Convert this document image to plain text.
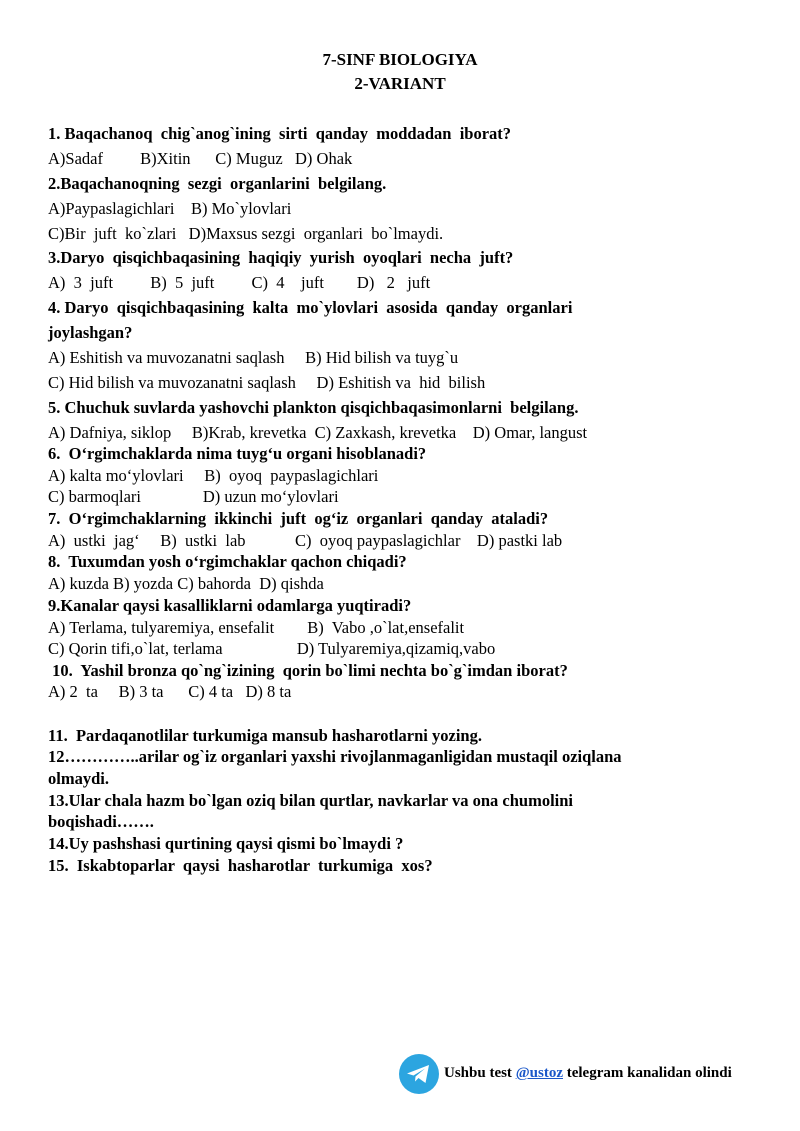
7-SINF BIOLOGIYA
2-VARIANT
1. Baqachanoq  chig`anog`ining  sirti  qanday  moddadan  iborat?
A)Sadaf         B)Xitin      C) Muguz   D) Ohak
2.Baqachanoqning  sezgi  organlarini  belgilang.
A)Paypaslagichlari    B) Mo`ylovlari
C)Bir  juft  ko`zlari   D)Maxsus sezgi  organlari  bo`lmaydi.
3.Daryo  qisqichbaqasining  haqiqiy  yurish  oyoqlari  necha  juft?
A)  3  juft         B)  5  juft         C)  4    juft        D)   2   juft
4. Daryo  qisqichbaqasining  kalta  mo`ylovlari  asosida  qanday  organlari
joylashgan?
A) Eshitish va muvozanatni saqlash     B) Hid bilish va tuyg`u
C) Hid bilish va muvozanatni saqlash     D) Eshitish va  hid  bilish
5. Chuchuk suvlarda yashovchi plankton qisqichbaqasimonlarni  belgilang.
A) Dafniya, siklop     B)Krab, krevetka  C) Zaxkash, krevetka    D) Omar, langust
6.  O‘rgimchaklarda nima tuyg‘u organi hisoblanadi?
A) kalta mo‘ylovlari     B)  oyoq  paypaslagichlari
C) barmoqlari               D) uzun mo‘ylovlari
7.  O‘rgimchaklarning  ikkinchi  juft  og‘iz  organlari  qanday  ataladi?
A)  ustki  jag‘     B)  ustki  lab            C)  oyoq paypaslagichlar    D) pastki lab
8.  Tuxumdan yosh o‘rgimchaklar qachon chiqadi?
A) kuzda B) yozda C) bahorda  D) qishda
9.Kanalar qaysi kasalliklarni odamlarga yuqtiradi?
A) Terlama, tulyaremiya, ensefalit        B)  Vabo ,o`lat,ensefalit
C) Qorin tifi,o`lat, terlama                  D) Tulyaremiya,qizamiq,vabo
10.  Yashil bronza qo`ng`izining  qorin bo`limi nechta bo`g`imdan iborat?
A) 2  ta     B) 3 ta      C) 4 ta   D) 8 ta
11.  Pardaqanotlilar turkumiga mansub hasharotlarni yozing.
12…………..arilar og`iz organlari yaxshi rivojlanmaganligidan mustaqil oziqlana
olmaydi.
13.Ular chala hazm bo`lgan oziq bilan qurtlar, navkarlar va ona chumolini
boqishadi…….
14.Uy pashshasi qurtining qaysi qismi bo`lmaydi ?
15.  Iskabtoparlar  qaysi  hasharotlar  turkumiga  xos?
Ushbu test @ustoz telegram kanalidan olindi
